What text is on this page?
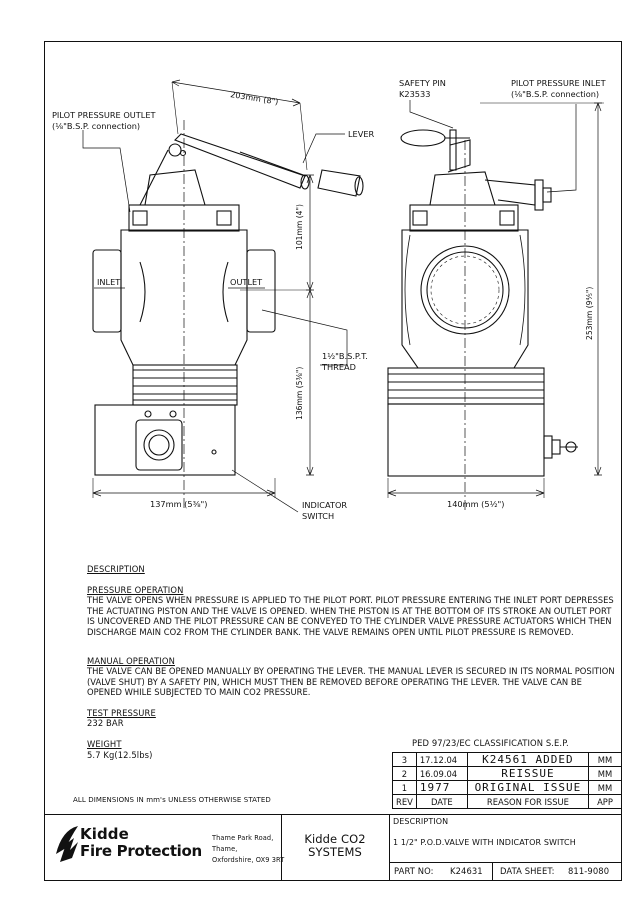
PILOT PRESSURE OUTLET
(⅛"B.S.P. connection)
203mm (8")
LEVER
SAFETY PIN
K23533
PILOT PRESSURE INLET
(⅛"B.S.P. connection)
101mm (4")
INLET	OUTLET
1½"B.S.P.T.
THREAD
136mm (5⅜")
253mm (9⅘")
137mm (5⅜")	INDICATOR
SWITCH
140mm (5½")
DESCRIPTION
PRESSURE OPERATION
THE VALVE OPENS WHEN PRESSURE IS APPLIED TO THE PILOT PORT. PILOT PRESSURE ENTERING THE INLET PORT DEPRESSES THE ACTUATING PISTON AND THE VALVE IS OPENED. WHEN THE PISTON IS AT THE BOTTOM OF ITS STROKE AN OUTLET PORT IS UNCOVERED AND THE PILOT PRESSURE CAN BE CONVEYED TO THE CYLINDER VALVE PRESSURE ACTUATORS WHICH THEN DISCHARGE MAIN CO2 FROM THE CYLINDER BANK. THE VALVE REMAINS OPEN UNTIL PILOT PRESSURE IS REMOVED.
MANUAL OPERATION
THE VALVE CAN BE OPENED MANUALLY BY OPERATING THE LEVER. THE MANUAL LEVER IS SECURED IN ITS NORMAL POSITION (VALVE SHUT) BY A SAFETY PIN, WHICH MUST THEN BE REMOVED BEFORE OPERATING THE LEVER. THE VALVE CAN BE OPENED WHILE SUBJECTED TO MAIN CO2 PRESSURE.
TEST PRESSURE
232 BAR
WEIGHT
5.7 Kg(12.5lbs)
ALL DIMENSIONS IN mm's UNLESS OTHERWISE STATED
PED 97/23/EC CLASSIFICATION S.E.P.
3	17.12.04	K24561 ADDED	MM
2	16.09.04	REISSUE	MM
1	1977	ORIGINAL ISSUE	MM
REV	DATE	REASON FOR ISSUE	APP
Kidde
Fire Protection
Thame Park Road,
Thame,
Oxfordshire, OX9 3RT
Kidde CO2
SYSTEMS
DESCRIPTION
1 1/2" P.O.D.VALVE WITH INDICATOR SWITCH
PART NO: K24631 DATA SHEET: 811-9080
